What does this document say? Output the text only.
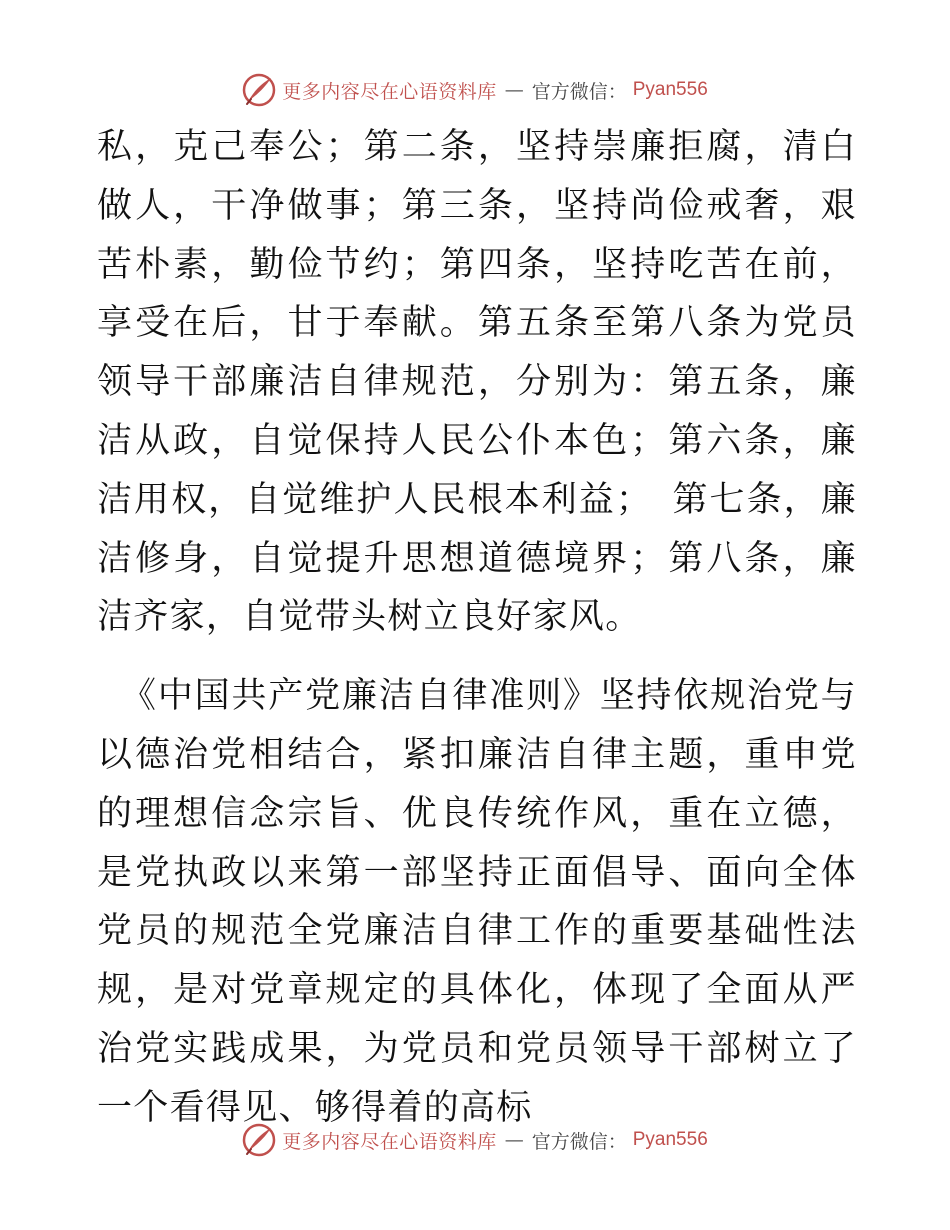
更多内容尽在心语资料库 — 官方微信： Pyan556

私，克己奉公；第二条，坚持崇廉拒腐，清白做人，干净做事；第三条，坚持尚俭戒奢，艰苦朴素，勤俭节约；第四条，坚持吃苦在前，享受在后，甘于奉献。第五条至第八条为党员领导干部廉洁自律规范，分别为：第五条，廉洁从政，自觉保持人民公仆本色；第六条，廉洁用权，自觉维护人民根本利益；　第七条，廉洁修身，自觉提升思想道德境界；第八条，廉洁齐家，自觉带头树立良好家风。

《中国共产党廉洁自律准则》坚持依规治党与以德治党相结合，紧扣廉洁自律主题，重申党的理想信念宗旨、优良传统作风，重在立德，是党执政以来第一部坚持正面倡导、面向全体党员的规范全党廉洁自律工作的重要基础性法规，是对党章规定的具体化，体现了全面从严治党实践成果，为党员和党员领导干部树立了一个看得见、够得着的高标

更多内容尽在心语资料库 — 官方微信： Pyan556
